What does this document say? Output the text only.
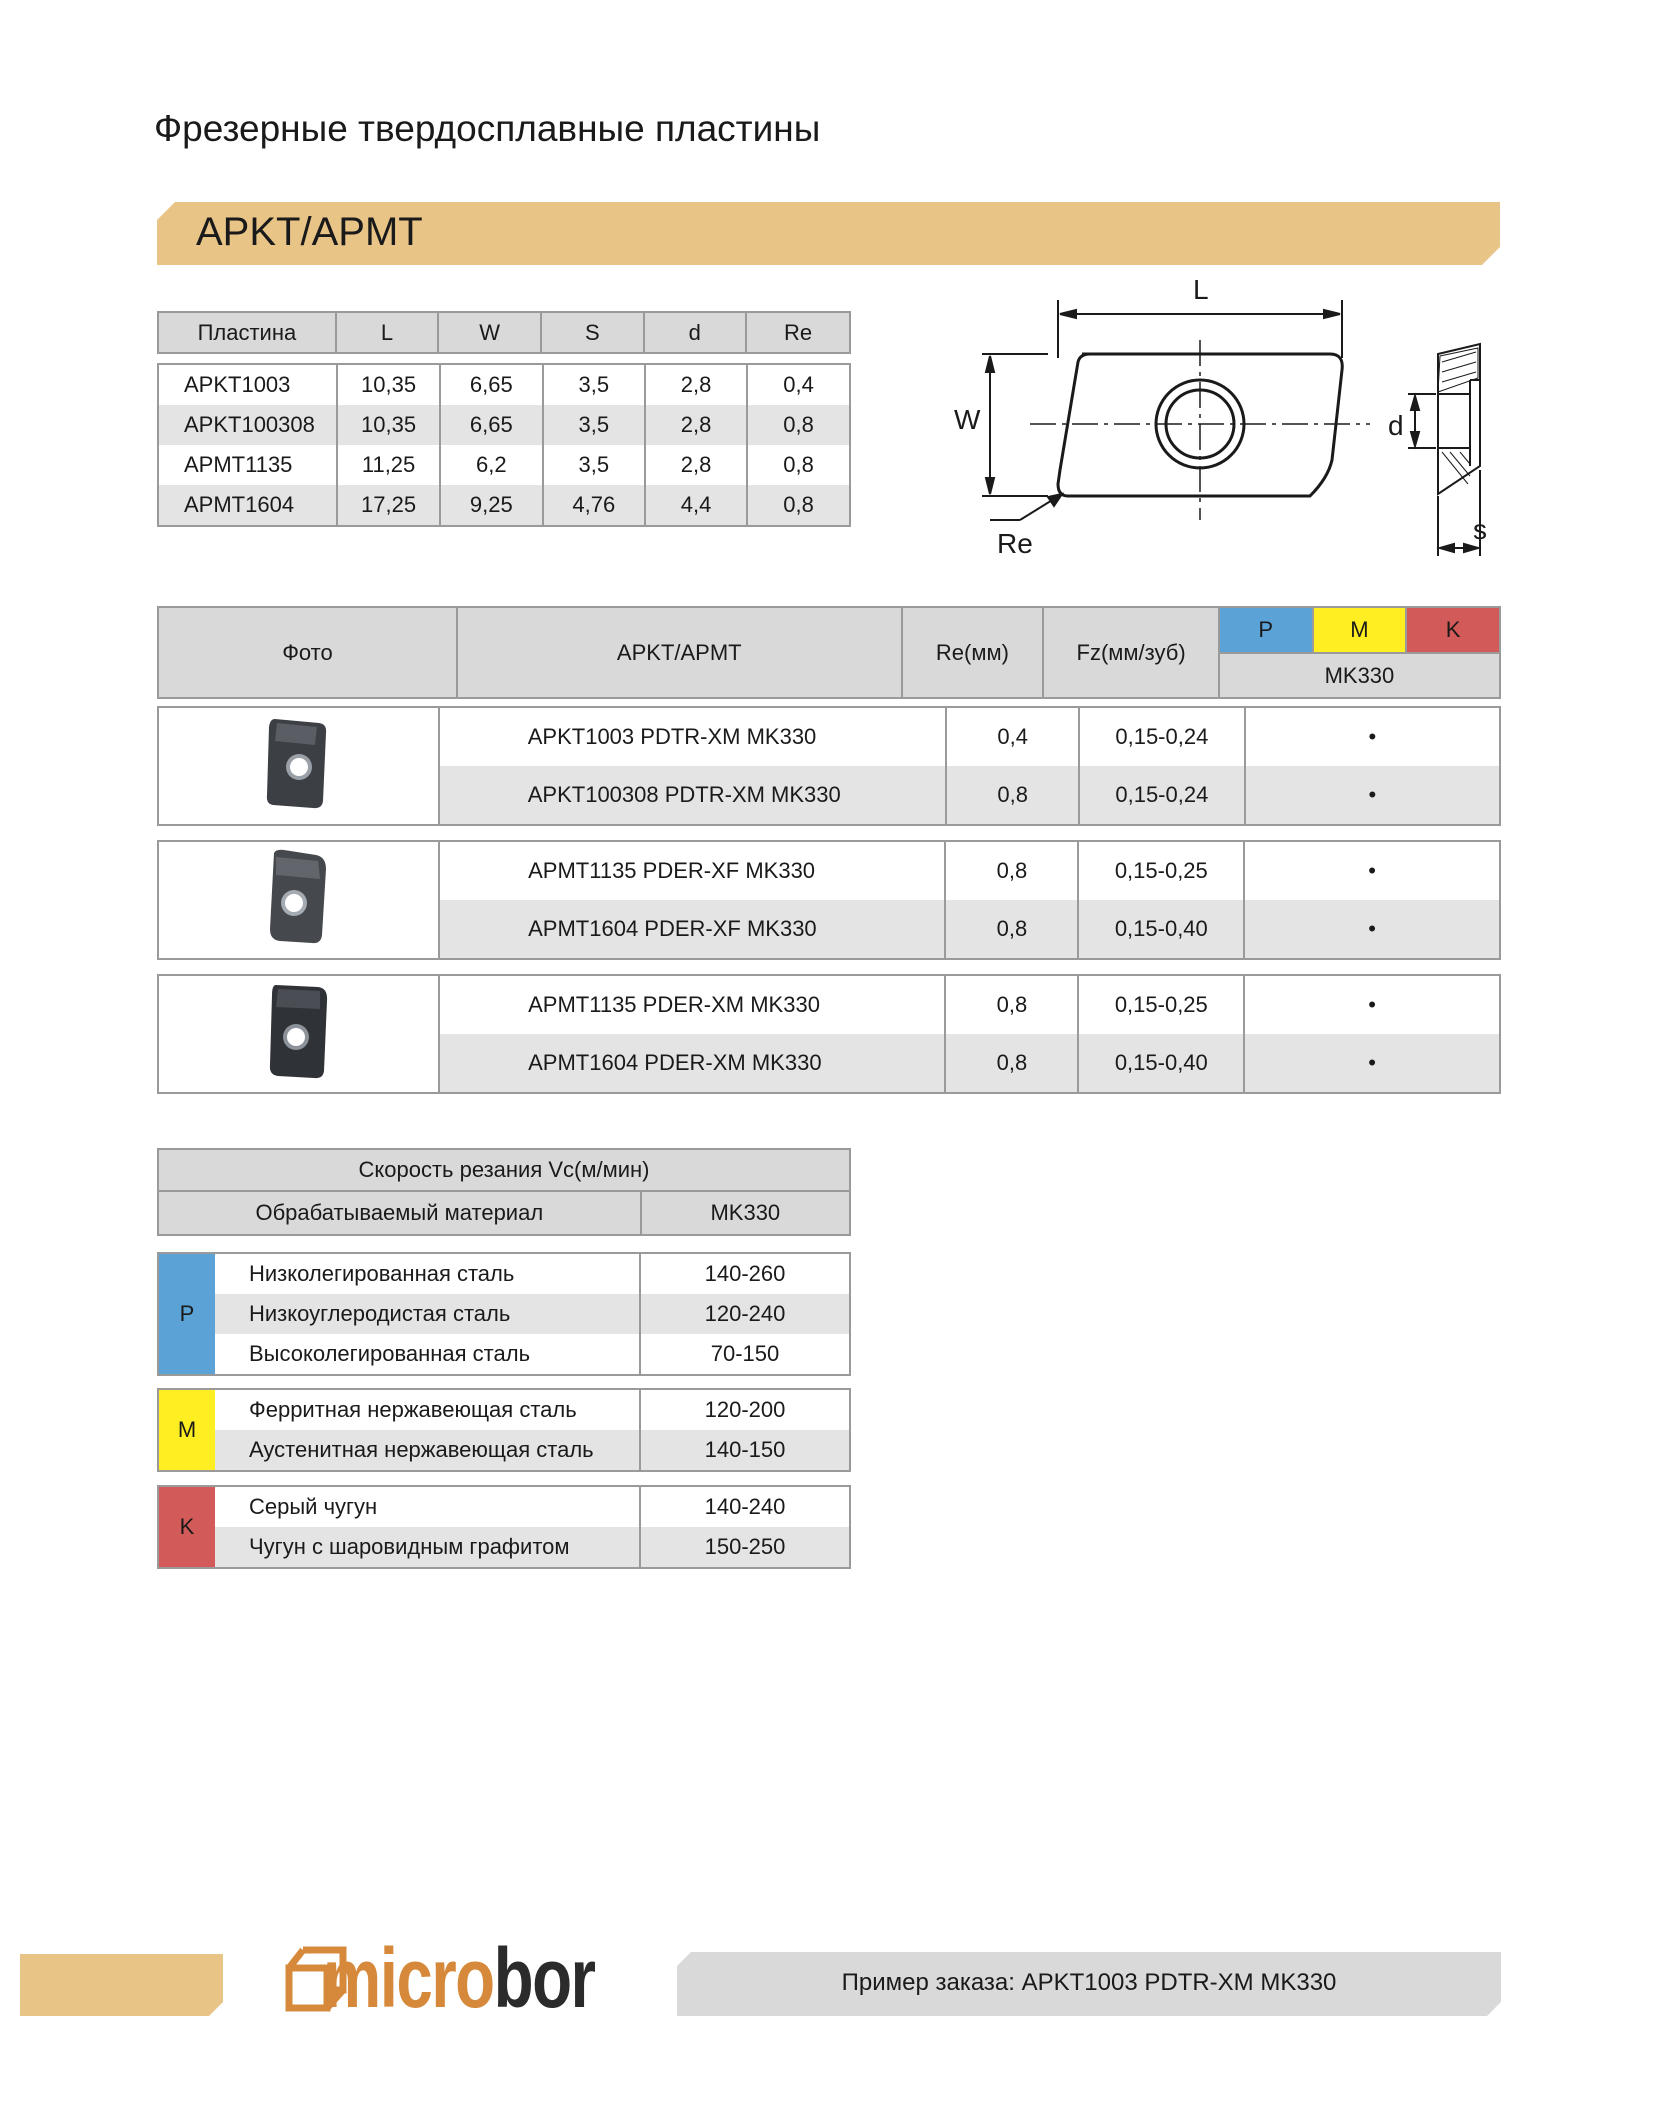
Фрезерные твердосплавные пластины
APKT/APMT
Пластина	L	W	S	d	Re
APKT1003	10,35	6,65	3,5	2,8	0,4
APKT100308	10,35	6,65	3,5	2,8	0,8
APMT1135	11,25	6,2	3,5	2,8	0,8
APMT1604	17,25	9,25	4,76	4,4	0,8
L
W	d
s
Re
Фото	APKT/APMT	Re(мм)	Fz(мм/зуб)	P	M	K
MK330
	APKT1003 PDTR-XM MK330	0,4	0,15-0,24	•
	APKT100308 PDTR-XM MK330	0,8	0,15-0,24	•
	APMT1135 PDER-XF MK330	0,8	0,15-0,25	•
	APMT1604 PDER-XF MK330	0,8	0,15-0,40	•
	APMT1135 PDER-XM MK330	0,8	0,15-0,25	•
	APMT1604 PDER-XM MK330	0,8	0,15-0,40	•
Скорость резания Vc(м/мин)
Обрабатываемый материал	MK330
P	Низколегированная сталь	140-260
	Низкоуглеродистая сталь	120-240
	Высоколегированная сталь	70-150
M	Ферритная нержавеющая сталь	120-200
	Аустенитная нержавеющая сталь	140-150
K	Серый чугун	140-240
	Чугун с шаровидным графитом	150-250
microbor	Пример заказа: APKT1003 PDTR-XM MK330
